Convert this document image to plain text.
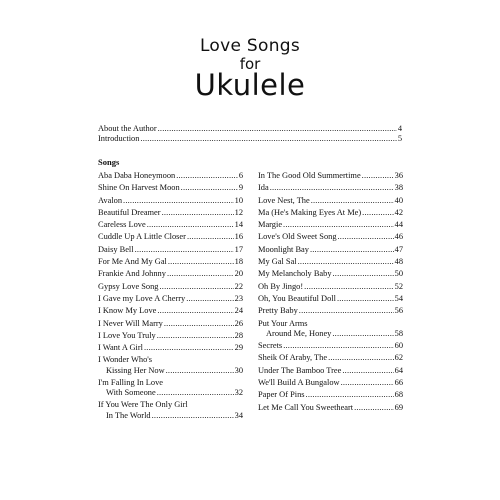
Love Songs
for
Ukulele
About the Author .....	4
Introduction .....	5
Songs
Aba Daba Honeymoon .....	6
Shine On Harvest Moon .....	9
Avalon .....	10
Beautiful Dreamer .....	12
Careless Love .....	14
Cuddle Up A Little Closer .....	16
Daisy Bell .....	17
For Me And My Gal .....	18
Frankie And Johnny .....	20
Gypsy Love Song .....	22
I Gave my Love A Cherry .....	23
I Know My Love .....	24
I Never Will Marry .....	26
I Love You Truly .....	28
I Want A Girl .....	29
I Wonder Who's
Kissing Her Now .....	30
I'm Falling In Love
With Someone .....	32
If You Were The Only Girl
In The World .....	34
In The Good Old Summertime .....	36
Ida .....	38
Love Nest, The .....	40
Ma (He's Making Eyes At Me) .....	42
Margie .....	44
Love's Old Sweet Song .....	46
Moonlight Bay .....	47
My Gal Sal .....	48
My Melancholy Baby .....	50
Oh By Jingo! .....	52
Oh, You Beautiful Doll .....	54
Pretty Baby .....	56
Put Your Arms
Around Me, Honey .....	58
Secrets .....	60
Sheik Of Araby, The .....	62
Under The Bamboo Tree .....	64
We'll Build A Bungalow .....	66
Paper Of Pins .....	68
Let Me Call You Sweetheart .....	69
